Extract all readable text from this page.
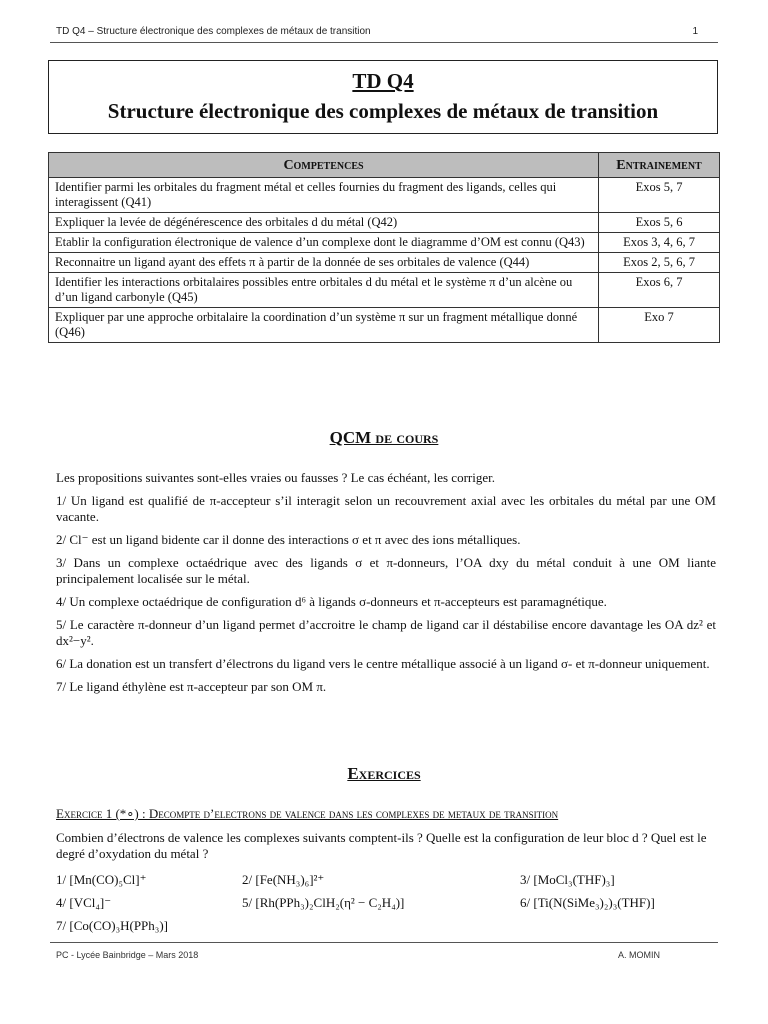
TD Q4 – Structure électronique des complexes de métaux de transition	1
TD Q4
Structure électronique des complexes de métaux de transition
Competences	Entrainement
Identifier parmi les orbitales du fragment métal et celles fournies du fragment des ligands, celles qui interagissent (Q41)	Exos 5, 7
Expliquer la levée de dégénérescence des orbitales d du métal (Q42)	Exos 5, 6
Etablir la configuration électronique de valence d’un complexe dont le diagramme d’OM est connu (Q43)	Exos 3, 4, 6, 7
Reconnaitre un ligand ayant des effets π à partir de la donnée de ses orbitales de valence (Q44)	Exos 2, 5, 6, 7
Identifier les interactions orbitalaires possibles entre orbitales d du métal et le système π d’un alcène ou d’un ligand carbonyle (Q45)	Exos 6, 7
Expliquer par une approche orbitalaire la coordination d’un système π sur un fragment métallique donné (Q46)	Exo 7
QCM de cours

Les propositions suivantes sont-elles vraies ou fausses ? Le cas échéant, les corriger.

1/ Un ligand est qualifié de π-accepteur s’il interagit selon un recouvrement axial avec les orbitales du métal par une OM vacante.

2/ Cl⁻ est un ligand bidente car il donne des interactions σ et π avec des ions métalliques.

3/ Dans un complexe octaédrique avec des ligands σ et π-donneurs, l’OA dxy du métal conduit à une OM liante principalement localisée sur le métal.

4/ Un complexe octaédrique de configuration d⁶ à ligands σ-donneurs et π-accepteurs est paramagnétique.

5/ Le caractère π-donneur d’un ligand permet d’accroitre le champ de ligand car il déstabilise encore davantage les OA dz² et dx²−y².

6/ La donation est un transfert d’électrons du ligand vers le centre métallique associé à un ligand σ- et π-donneur uniquement.

7/ Le ligand éthylène est π-accepteur par son OM π.

Exercices
Exercice 1 (*∘) : Decompte d’electrons de valence dans les complexes de metaux de transition
Combien d’électrons de valence les complexes suivants comptent-ils ? Quelle est la configuration de leur bloc d ? Quel est le degré d’oxydation du métal ?
1/ [Mn(CO)₅Cl]⁺	2/ [Fe(NH₃)₆]²⁺	3/ [MoCl₃(THF)₃]
4/ [VCl₄]⁻	5/ [Rh(PPh₃)₂ClH₂(η² − C₂H₄)]	6/ [Ti(N(SiMe₃)₂)₃(THF)]
7/ [Co(CO)₃H(PPh₃)]
PC - Lycée Bainbridge – Mars 2018	A. MOMIN
